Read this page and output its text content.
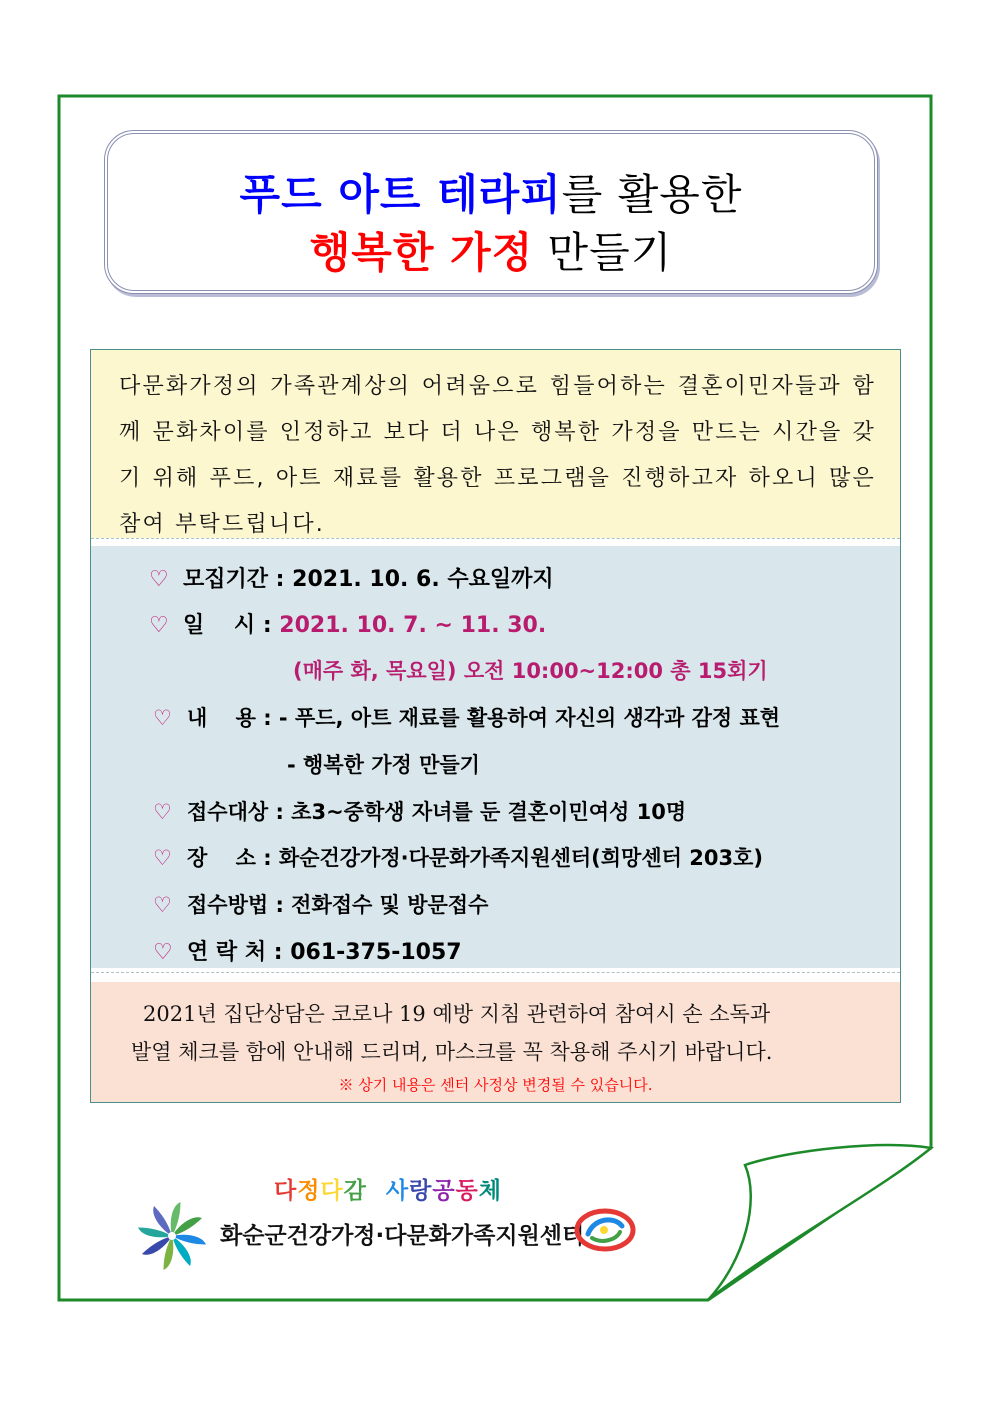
푸드 아트 테라피를 활용한
행복한 가정 만들기

다문화가정의 가족관계상의 어려움으로 힘들어하는 결혼이민자들과 함께 문화차이를 인정하고 보다 더 나은 행복한 가정을 만드는 시간을 갖기 위해 푸드, 아트 재료를 활용한 프로그램을 진행하고자 하오니 많은 참여 부탁드립니다.

♡ 모집기간 : 2021. 10. 6. 수요일까지
♡ 일　 시 : 2021. 10. 7. ~ 11. 30.
(매주 화, 목요일) 오전 10:00~12:00 총 15회기
♡ 내　 용 : - 푸드, 아트 재료를 활용하여 자신의 생각과 감정 표현
- 행복한 가정 만들기
♡ 접수대상 : 초3~중학생 자녀를 둔 결혼이민여성 10명
♡ 장　 소 : 화순건강가정·다문화가족지원센터(희망센터 203호)
♡ 접수방법 : 전화접수 및 방문접수
♡ 연 락 처 : 061-375-1057
2021년 집단상담은 코로나 19 예방 지침 관련하여 참여시 손 소독과
발열 체크를 함에 안내해 드리며, 마스크를 꼭 착용해 주시기 바랍니다.
※ 상기 내용은 센터 사정상 변경될 수 있습니다.
다정다감 사랑공동체
화순군건강가정·다문화가족지원센터
